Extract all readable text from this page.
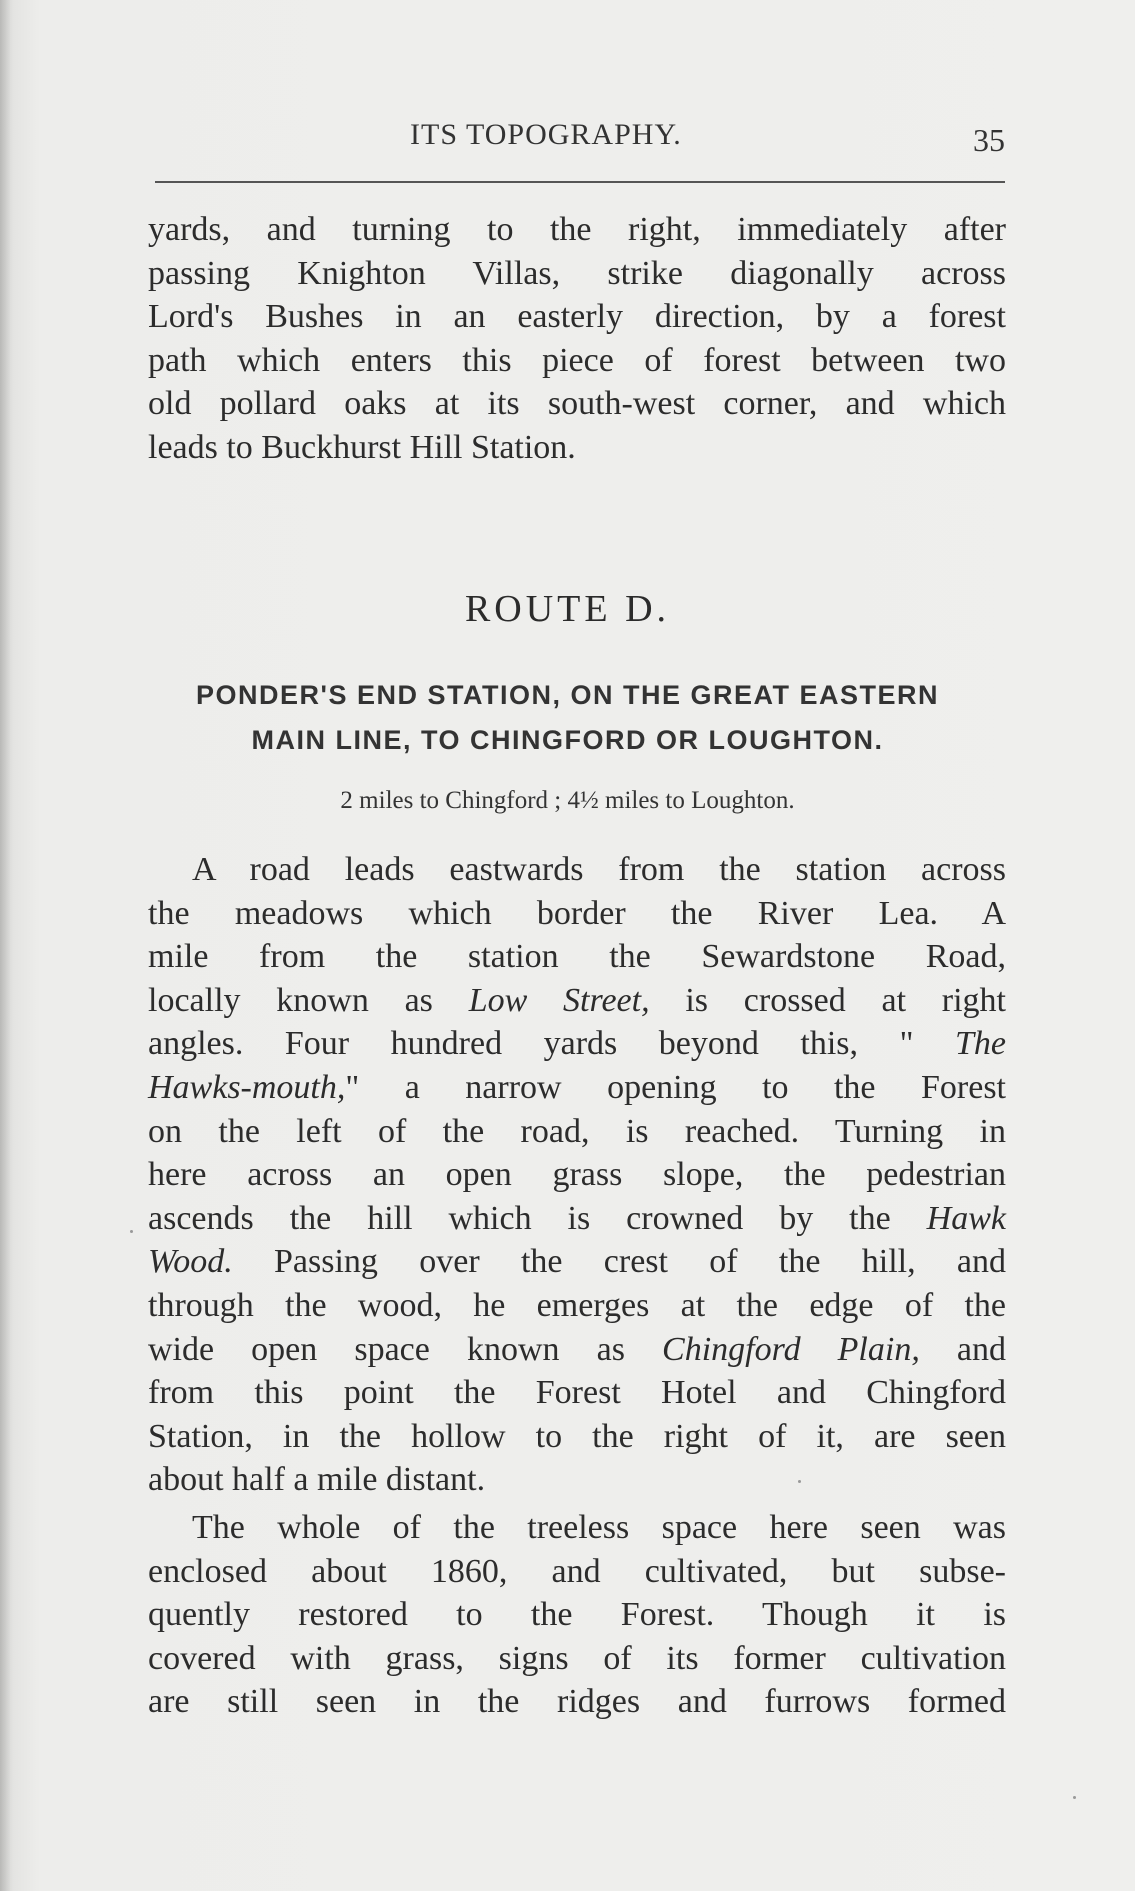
ITS TOPOGRAPHY.	35
yards, and turning to the right, immediately after
passing Knighton Villas, strike diagonally across
Lord's Bushes in an easterly direction, by a forest
path which enters this piece of forest between two
old pollard oaks at its south-west corner, and which
leads to Buckhurst Hill Station.
ROUTE D.
PONDER'S END STATION, ON THE GREAT EASTERN
MAIN LINE, TO CHINGFORD OR LOUGHTON.
2 miles to Chingford ; 4½ miles to Loughton.
A road leads eastwards from the station across
the meadows which border the River Lea. A
mile from the station the Sewardstone Road,
locally known as Low Street, is crossed at right
angles. Four hundred yards beyond this, " The
Hawks-mouth," a narrow opening to the Forest
on the left of the road, is reached. Turning in
here across an open grass slope, the pedestrian
ascends the hill which is crowned by the Hawk
Wood. Passing over the crest of the hill, and
through the wood, he emerges at the edge of the
wide open space known as Chingford Plain, and
from this point the Forest Hotel and Chingford
Station, in the hollow to the right of it, are seen
about half a mile distant.
The whole of the treeless space here seen was
enclosed about 1860, and cultivated, but subse-
quently restored to the Forest. Though it is
covered with grass, signs of its former cultivation
are still seen in the ridges and furrows formed
